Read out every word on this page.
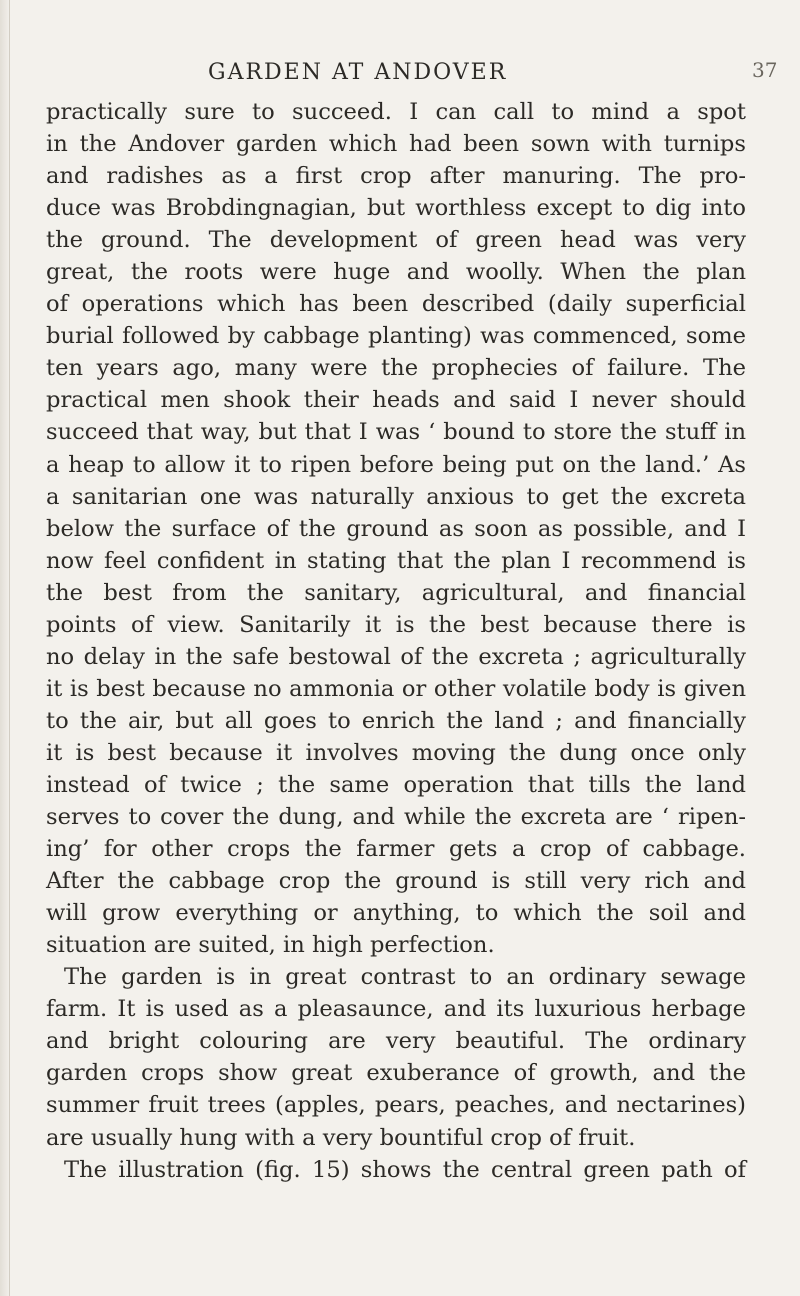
GARDEN AT ANDOVER	37
practically sure to succeed. I can call to mind a spot
in the Andover garden which had been sown with turnips
and radishes as a first crop after manuring. The pro-
duce was Brobdingnagian, but worthless except to dig into
the ground. The development of green head was very
great, the roots were huge and woolly. When the plan
of operations which has been described (daily superficial
burial followed by cabbage planting) was commenced, some
ten years ago, many were the prophecies of failure. The
practical men shook their heads and said I never should
succeed that way, but that I was ‘ bound to store the stuff in
a heap to allow it to ripen before being put on the land.’ As
a sanitarian one was naturally anxious to get the excreta
below the surface of the ground as soon as possible, and I
now feel confident in stating that the plan I recommend is
the best from the sanitary, agricultural, and financial
points of view. Sanitarily it is the best because there is
no delay in the safe bestowal of the excreta ; agriculturally
it is best because no ammonia or other volatile body is given
to the air, but all goes to enrich the land ; and financially
it is best because it involves moving the dung once only
instead of twice ; the same operation that tills the land
serves to cover the dung, and while the excreta are ‘ ripen-
ing’ for other crops the farmer gets a crop of cabbage.
After the cabbage crop the ground is still very rich and
will grow everything or anything, to which the soil and
situation are suited, in high perfection.
The garden is in great contrast to an ordinary sewage
farm. It is used as a pleasaunce, and its luxurious herbage
and bright colouring are very beautiful. The ordinary
garden crops show great exuberance of growth, and the
summer fruit trees (apples, pears, peaches, and nectarines)
are usually hung with a very bountiful crop of fruit.
The illustration (fig. 15) shows the central green path of
